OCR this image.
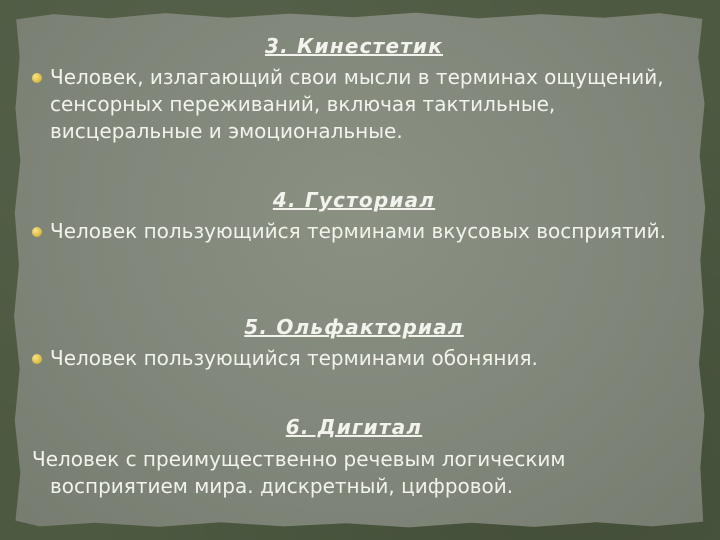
3. Кинестетик
Человек, излагающий свои мысли в терминах ощущений, сенсорных переживаний, включая тактильные, висцеральные и эмоциональные.
4. Густориал
Человек пользующийся терминами вкусовых восприятий.
5. Ольфакториал
Человек пользующийся терминами обоняния.
6. Дигитал
Человек с преимущественно речевым логическим
восприятием мира. дискретный, цифровой.
